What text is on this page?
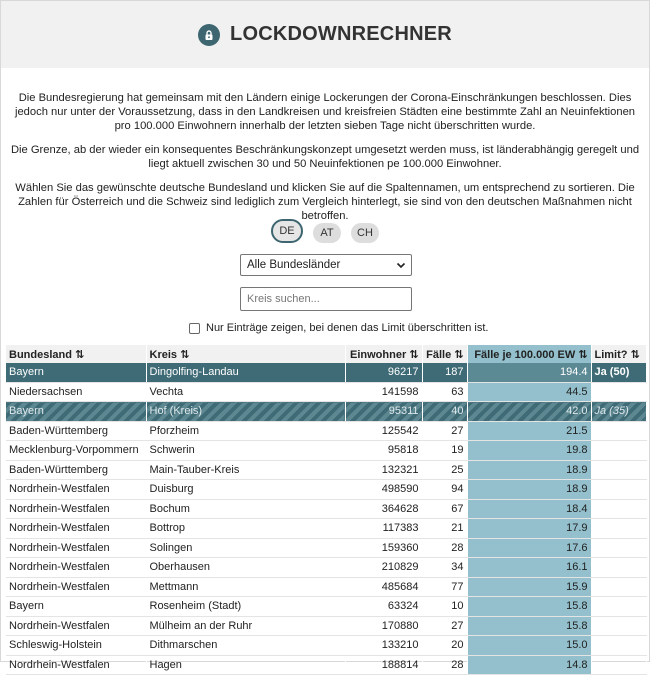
LOCKDOWNRECHNER

Die Bundesregierung hat gemeinsam mit den Ländern einige Lockerungen der Corona-Einschränkungen beschlossen. Dies jedoch nur unter der Voraussetzung, dass in den Landkreisen und kreisfreien Städten eine bestimmte Zahl an Neuinfektionen pro 100.000 Einwohnern innerhalb der letzten sieben Tage nicht überschritten wurde.

Die Grenze, ab der wieder ein konsequentes Beschränkungskonzept umgesetzt werden muss, ist länderabhängig geregelt und liegt aktuell zwischen 30 und 50 Neuinfektionen pe 100.000 Einwohner.

Wählen Sie das gewünschte deutsche Bundesland und klicken Sie auf die Spaltennamen, um entsprechend zu sortieren. Die Zahlen für Österreich und die Schweiz sind lediglich zum Vergleich hinterlegt, sie sind von den deutschen Maßnahmen nicht betroffen.

DE	AT	CH
Alle Bundesländer
Kreis suchen...
Nur Einträge zeigen, bei denen das Limit überschritten ist.
Bundesland ⇅	Kreis ⇅	Einwohner ⇅	Fälle ⇅	Fälle je 100.000 EW ⇅	Limit? ⇅
Bayern	Dingolfing-Landau	96217	187	194.4	Ja (50)
Niedersachsen	Vechta	141598	63	44.5	
Bayern	Hof (Kreis)	95311	40	42.0	Ja (35)
Baden-Württemberg	Pforzheim	125542	27	21.5	
Mecklenburg-Vorpommern	Schwerin	95818	19	19.8	
Baden-Württemberg	Main-Tauber-Kreis	132321	25	18.9	
Nordrhein-Westfalen	Duisburg	498590	94	18.9	
Nordrhein-Westfalen	Bochum	364628	67	18.4	
Nordrhein-Westfalen	Bottrop	117383	21	17.9	
Nordrhein-Westfalen	Solingen	159360	28	17.6	
Nordrhein-Westfalen	Oberhausen	210829	34	16.1	
Nordrhein-Westfalen	Mettmann	485684	77	15.9	
Bayern	Rosenheim (Stadt)	63324	10	15.8	
Nordrhein-Westfalen	Mülheim an der Ruhr	170880	27	15.8	
Schleswig-Holstein	Dithmarschen	133210	20	15.0	
Nordrhein-Westfalen	Hagen	188814	28	14.8	
